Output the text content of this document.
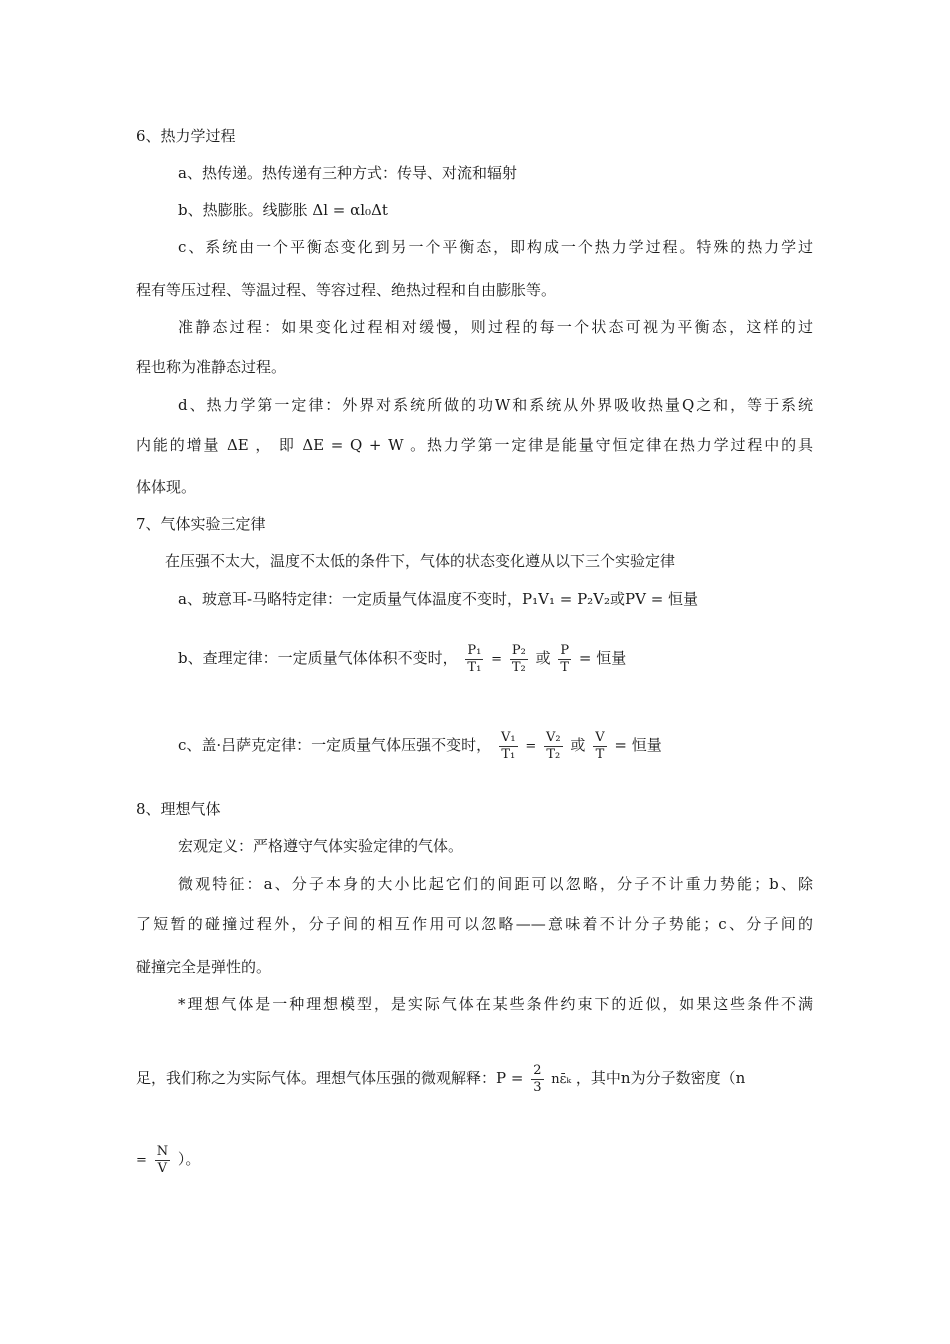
6、热力学过程
a、热传递。热传递有三种方式：传导、对流和辐射
b、热膨胀。线膨胀 Δl = αl₀Δt
c、系统由一个平衡态变化到另一个平衡态，即构成一个热力学过程。特殊的热力学过
程有等压过程、等温过程、等容过程、绝热过程和自由膨胀等。
准静态过程：如果变化过程相对缓慢，则过程的每一个状态可视为平衡态，这样的过
程也称为准静态过程。
d、热力学第一定律：外界对系统所做的功W和系统从外界吸收热量Q之和，等于系统
内能的增量 ΔE ， 即 ΔE = Q + W 。热力学第一定律是能量守恒定律在热力学过程中的具
体体现。
7、气体实验三定律
在压强不太大，温度不太低的条件下，气体的状态变化遵从以下三个实验定律
a、玻意耳-马略特定律：一定质量气体温度不变时，P₁V₁ = P₂V₂或PV = 恒量
b、查理定律：一定质量气体体积不变时， $\frac{\text{P₁}}{\text{T₁}} = \frac{\text{P₂}}{\text{T₂}}$ 或 $\frac{P}{T}$ = 恒量
c、盖·吕萨克定律：一定质量气体压强不变时， $\frac{\text{V₁}}{\text{T₁}} = \frac{\text{V₂}}{\text{T₂}}$ 或 $\frac{V}{T}$ = 恒量
8、理想气体
宏观定义：严格遵守气体实验定律的气体。
微观特征：a、分子本身的大小比起它们的间距可以忽略，分子不计重力势能；b、除
了短暂的碰撞过程外，分子间的相互作用可以忽略——意味着不计分子势能；c、分子间的
碰撞完全是弹性的。
*理想气体是一种理想模型，是实际气体在某些条件约束下的近似，如果这些条件不满
足，我们称之为实际气体。理想气体压强的微观解释：$P = \frac{2}{3}$ nε̄ₖ ，其中n为分子数密度（n
= $\frac{N}{V}$ ）。
